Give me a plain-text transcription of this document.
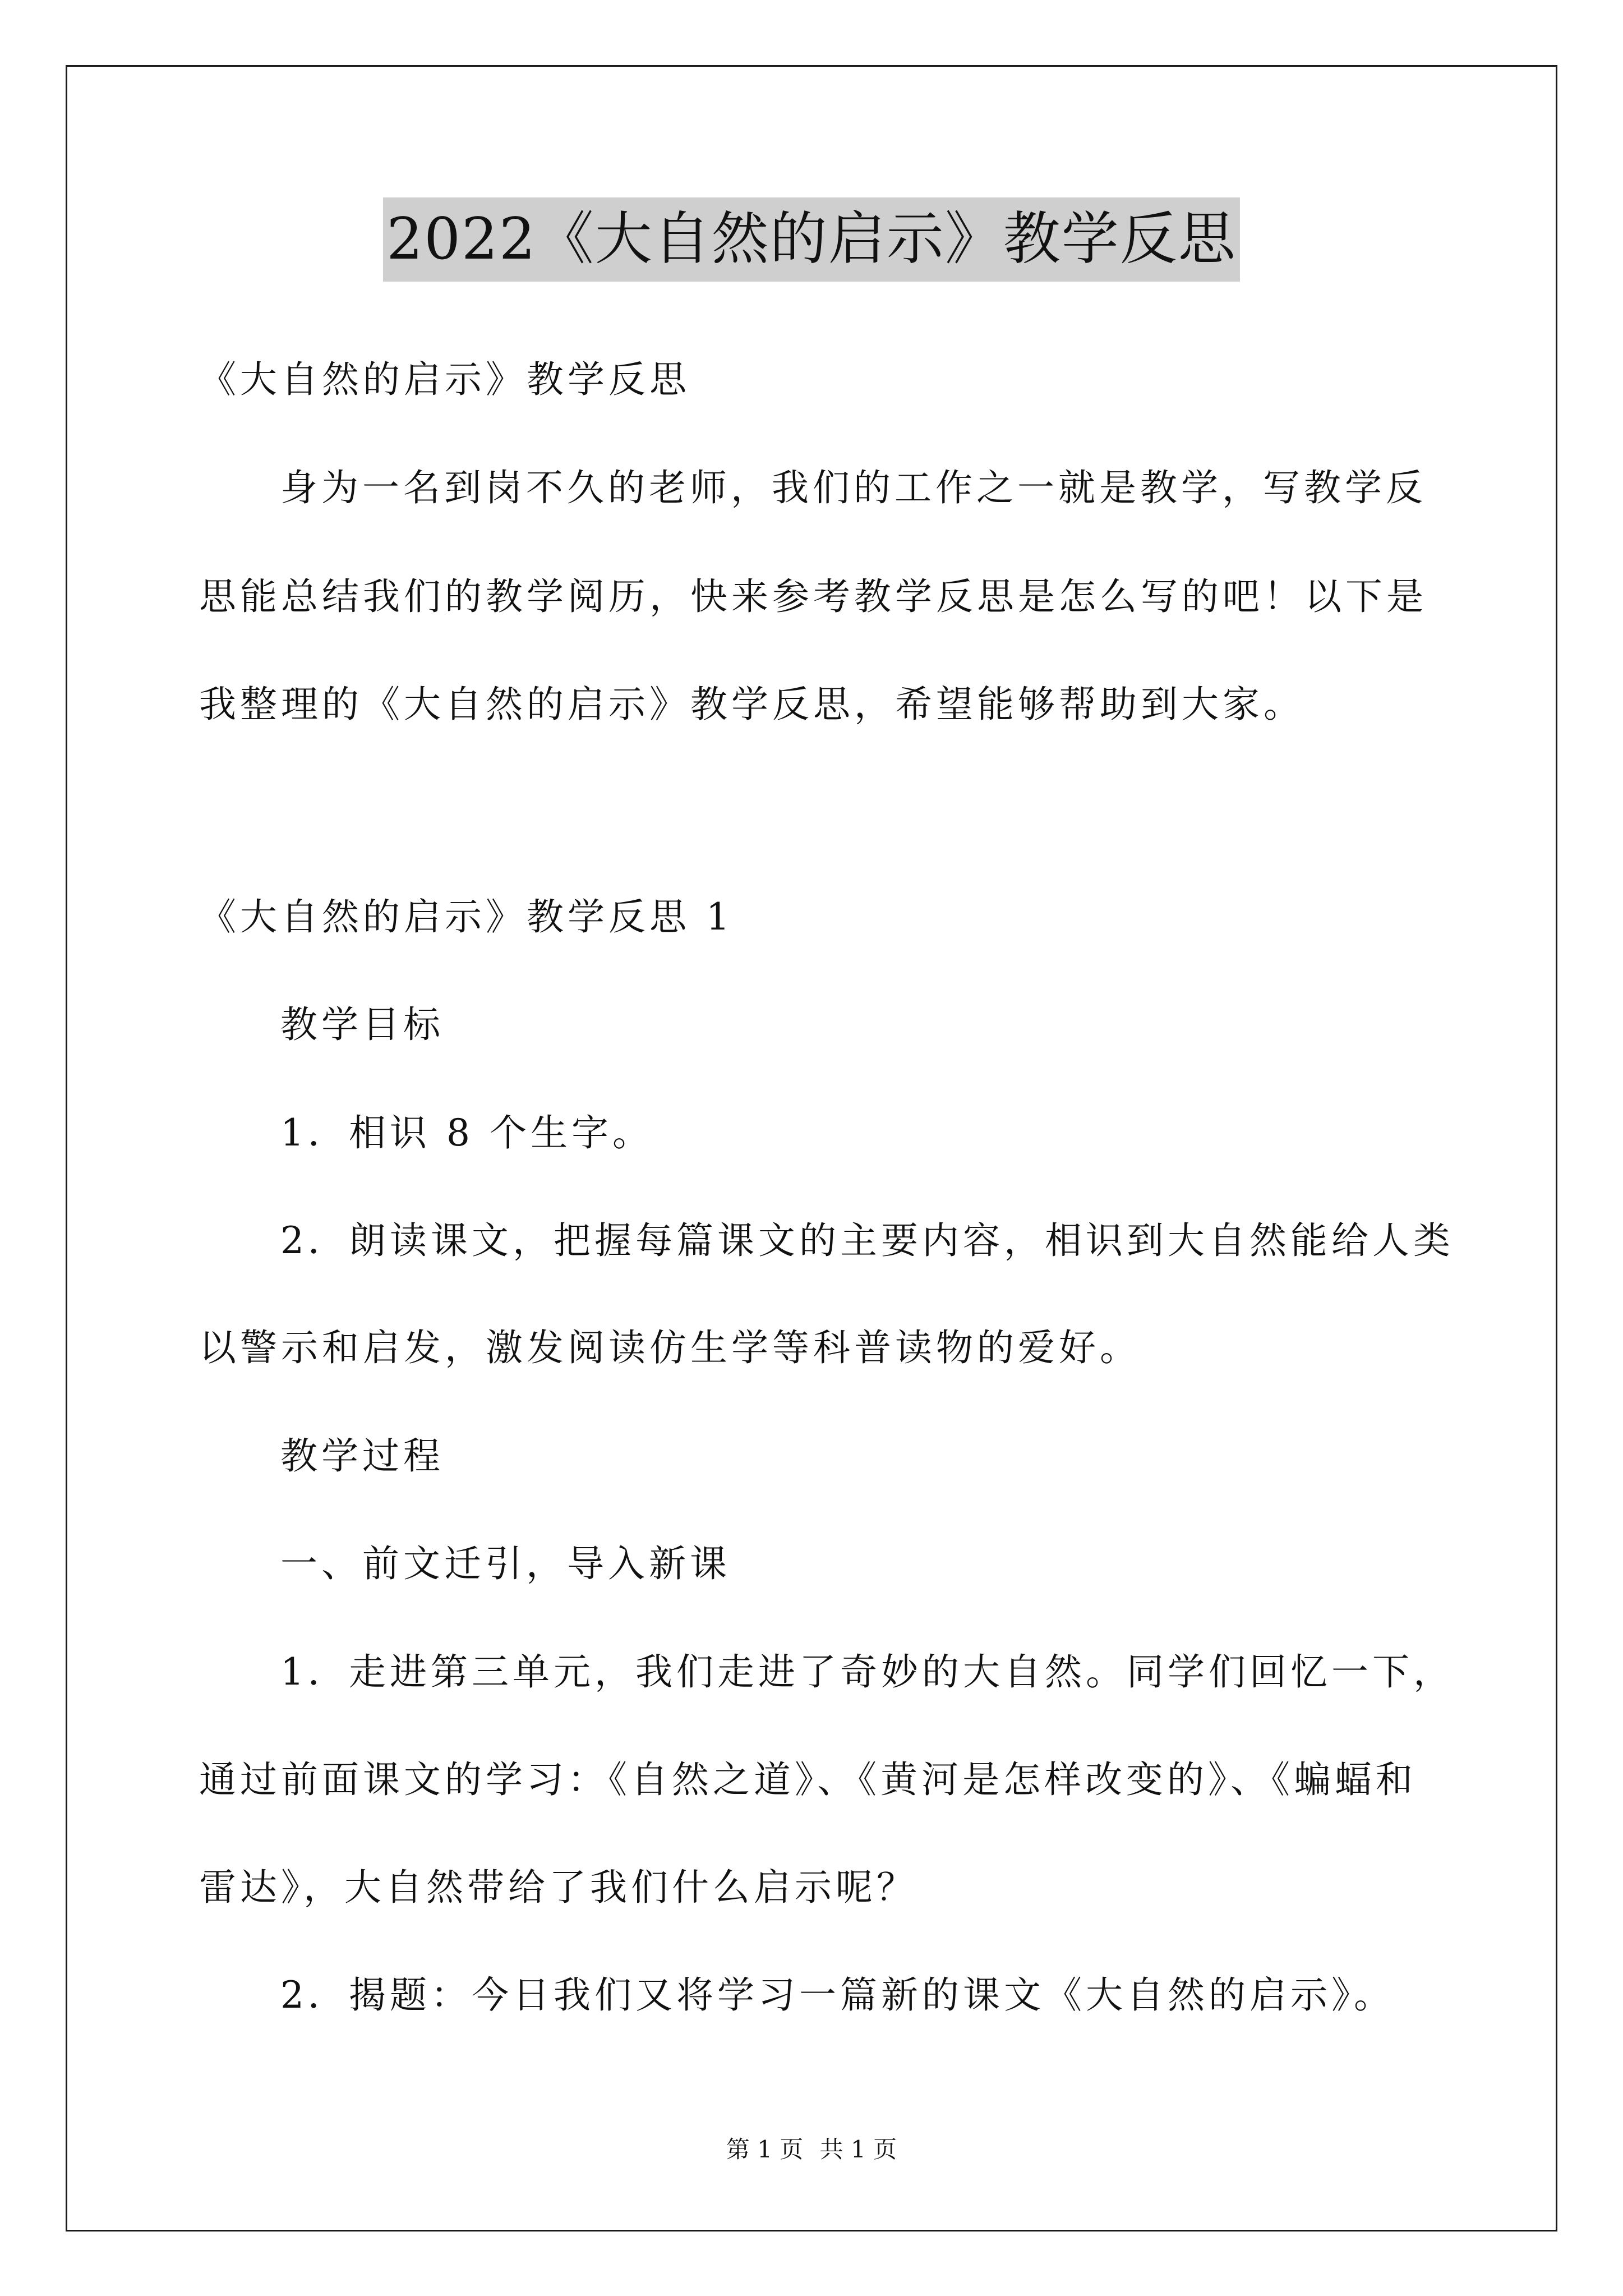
2022《大自然的启示》教学反思
《大自然的启示》教学反思
身为一名到岗不久的老师，我们的工作之一就是教学，写教学反
思能总结我们的教学阅历，快来参考教学反思是怎么写的吧！以下是
我整理的《大自然的启示》教学反思，希望能够帮助到大家。
《大自然的启示》教学反思 1
教学目标
1．相识 8 个生字。
2．朗读课文，把握每篇课文的主要内容，相识到大自然能给人类
以警示和启发，激发阅读仿生学等科普读物的爱好。
教学过程
一、前文迁引，导入新课
1．走进第三单元，我们走进了奇妙的大自然。同学们回忆一下，
通过前面课文的学习：《自然之道》、《黄河是怎样改变的》、《蝙蝠和
雷达》，大自然带给了我们什么启示呢？
2．揭题：今日我们又将学习一篇新的课文《大自然的启示》。
第 1 页 共 1 页
